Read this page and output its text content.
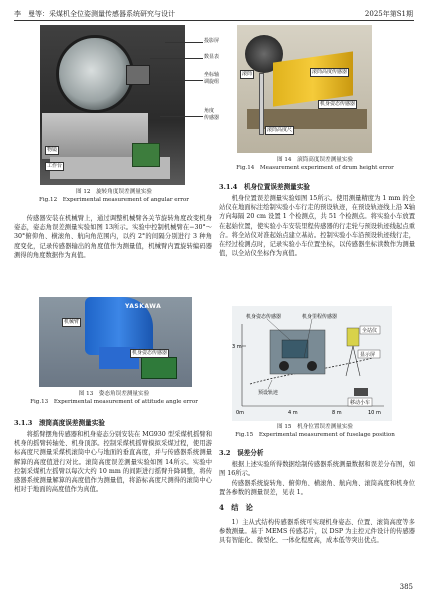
李　曼等：采煤机全位姿测量传感器系统研究与设计	2025年第S1期
投影屏
数显表
坐标轴
调旋组
角度
传感器
物镜
工作台
图 12　旋转角度误差测量实验
Fig.12　Experimental measurement of angular error
传感器安装在机械臂上，通过调整机械臂各关节旋转角度改变机身姿态，姿态角误差测量实验如图 13所示。实验中控制机械臂在−30°～30°俯仰角、横滚角、航向角范围内，以约 2°的间隔分别进行 3 种角度变化，记录传感器输出的角度值作为测量值，机械臂内置旋转编码器测得的角度数据作为真值。
YASKAWA
机械臂
机身姿态传感器
图 13　姿态角误差测量实验
Fig.13　Experimental measurement of attitude angle error
3.1.3　滚筒高度误差测量实验
将摇臂摆角传感器和机身姿态分别安装在 MG930 型采煤机摇臂和机身的摇臂转轴处、机身顶部。控制采煤机摇臂模拟采煤过程，使用游标高度尺测量采煤机滚筒中心与地面的垂直高度，并与传感器系统测量解算的高度值进行对比。滚筒高度误差测量实验如图 14所示。实验中控制采煤机左摇臂以每次大约 10 mm 的间距进行摇臂升降调整，将传感器系统测量解算的高度值作为测量值，将游标高度尺测得的滚筒中心相对于地面的高度值作为真值。
滚筒	滚筒高度传感器
机身姿态传感器
滚筒高度尺
图 14　滚筒高度误差测量实验
Fig.14　Measurement experiment of drum height error
3.1.4　机身位置误差测量实验
机身位置误差测量实验如图 15所示。使用测量精度为 1 mm 的全站仪在地面标注绘制实验小车行走的预设轨迹，在预设轨迹线上沿 X轴方向每隔 20 cm 设置 1 个检测点，共 51 个检测点。将实验小车放置在起始位置，使实验小车安装里程传感器的行走轮与预设轨迹线起点重合。将全站仪对准起始点建立基站。控制实验小车沿预设轨迹线行走，在经过检测点时，记录实验小车位置坐标，以传感器坐标读数作为测量值，以全站仪坐标作为真值。
3 m
0m	4 m	8 m	10 m
机身姿态传感器	机身里程传感器
全站仪
显示屏
预设轨迹
移动小车
图 15　机身位置误差测量实验
Fig.15　Experimental measurement of fuselage position
3.2　误差分析
根据上述实验所得数据绘制传感器系统测量数据和误差分布图，如图 16所示。
传感器系统旋转角、俯仰角、横滚角、航向角、滚筒高度和机身位置各参数的测量误差，见表 1。
4　结　论
1）主从式结构传感器系统可实现机身姿态、位置、滚筒高度等多参数测量。基于 MEMS 传感芯片，以 DSP 为主控元件设计的传感器具有智能化、微型化、一体化程度高，成本低等突出优点。
385
